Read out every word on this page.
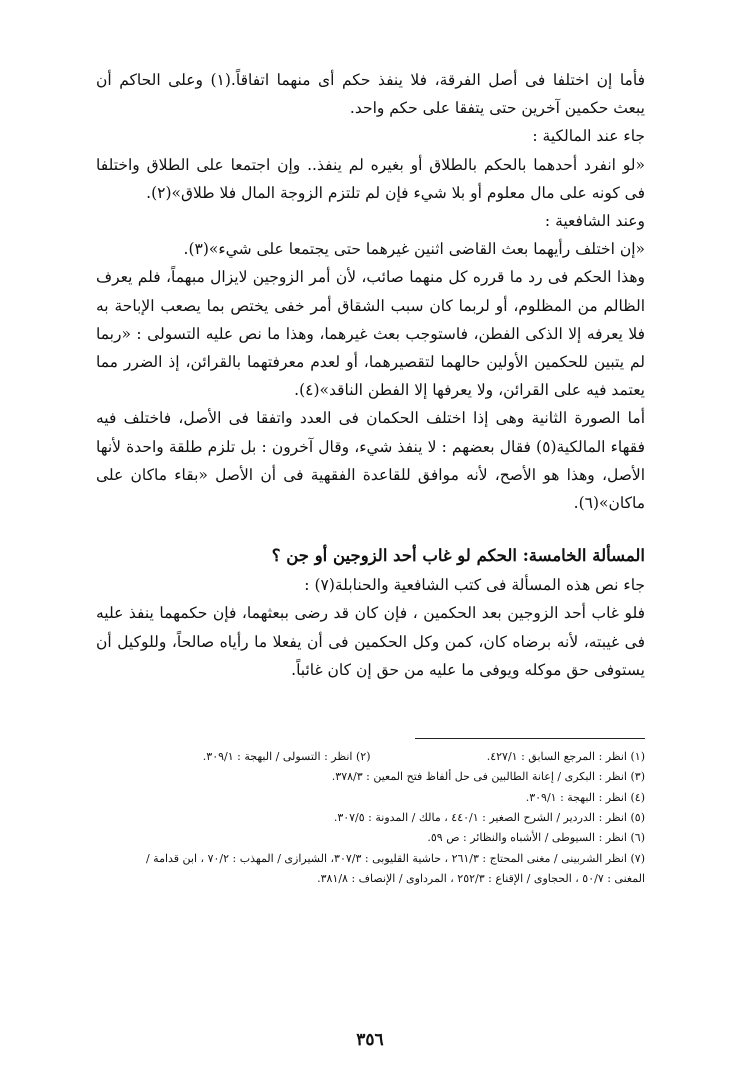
فأما إن اختلفا فى أصل الفرقة، فلا ينفذ حكم أى منهما اتفاقاً.(١) وعلى الحاكم أن يبعث حكمين آخرين حتى يتفقا على حكم واحد.

جاء عند المالكية :

«لو انفرد أحدهما بالحكم بالطلاق أو بغيره لم ينفذ.. وإن اجتمعا على الطلاق واختلفا فى كونه على مال معلوم أو بلا شيء فإن لم تلتزم الزوجة المال فلا طلاق»(٢).

وعند الشافعية :

«إن اختلف رأيهما بعث القاضى اثنين غيرهما حتى يجتمعا على شيء»(٣).

وهذا الحكم فى رد ما قرره كل منهما صائب، لأن أمر الزوجين لايزال مبهماً، فلم يعرف الظالم من المظلوم، أو لربما كان سبب الشقاق أمر خفى يختص بما يصعب الإباحة به فلا يعرفه إلا الذكى الفطن، فاستوجب بعث غيرهما، وهذا ما نص عليه التسولى : «ربما لم يتبين للحكمين الأولين حالهما لتقصيرهما، أو لعدم معرفتهما بالقرائن، إذ الضرر مما يعتمد فيه على القرائن، ولا يعرفها إلا الفطن الناقد»(٤).

أما الصورة الثانية وهى إذا اختلف الحكمان فى العدد واتفقا فى الأصل، فاختلف فيه فقهاء المالكية(٥) فقال بعضهم : لا ينفذ شيء، وقال آخرون : بل تلزم طلقة واحدة لأنها الأصل، وهذا هو الأصح، لأنه موافق للقاعدة الفقهية فى أن الأصل «بقاء ماكان على ماكان»(٦).

المسألة الخامسة: الحكم لو غاب أحد الزوجين أو جن ؟

جاء نص هذه المسألة فى كتب الشافعية والحنابلة(٧) :

فلو غاب أحد الزوجين بعد الحكمين ، فإن كان قد رضى ببعثهما، فإن حكمهما ينفذ عليه فى غيبته، لأنه برضاه كان، كمن وكل الحكمين فى أن يفعلا ما رأياه صالحاً، وللوكيل أن يستوفى حق موكله ويوفى ما عليه من حق إن كان غائباً.

(١) انظر : المرجع السابق : ٤٢٧/١.
(٢) انظر : التسولى / البهجة : ٣٠٩/١.

(٣) انظر : البكرى / إعانة الطالبين فى حل ألفاظ فتح المعين : ٣٧٨/٣.

(٤) انظر : البهجة : ٣٠٩/١.

(٥) انظر : الدردير / الشرح الصغير : ٤٤٠/١ ، مالك / المدونة : ٣٠٧/٥.

(٦) انظر : السيوطى / الأشباه والنظائر : ص ٥٩.

(٧) انظر الشربينى / مغنى المحتاج : ٢٦١/٣ ، حاشية القليوبى : ٣٠٧/٣، الشيرازى / المهذب : ٧٠/٢ ، ابن قدامة /

المغنى : ٥٠/٧ ، الحجاوى / الإقناع : ٢٥٢/٣ ، المرداوى / الإنصاف : ٣٨١/٨.

٣٥٦
